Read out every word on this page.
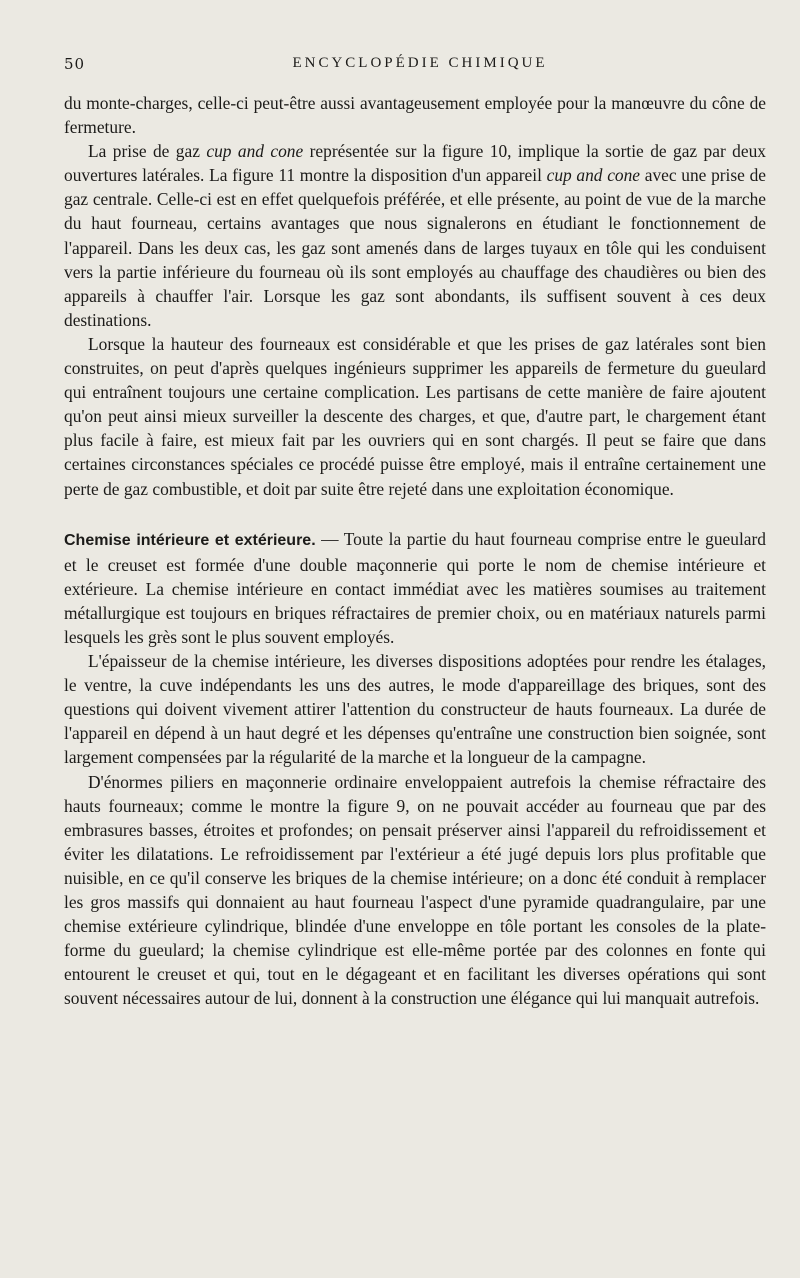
50	ENCYCLOPÉDIE CHIMIQUE

du monte-charges, celle-ci peut-être aussi avantageusement employée pour la manœuvre du cône de fermeture.

La prise de gaz cup and cone représentée sur la figure 10, implique la sortie de gaz par deux ouvertures latérales. La figure 11 montre la disposition d'un appareil cup and cone avec une prise de gaz centrale. Celle-ci est en effet quelquefois préférée, et elle présente, au point de vue de la marche du haut fourneau, certains avantages que nous signalerons en étudiant le fonctionnement de l'appareil. Dans les deux cas, les gaz sont amenés dans de larges tuyaux en tôle qui les conduisent vers la partie inférieure du fourneau où ils sont employés au chauffage des chaudières ou bien des appareils à chauffer l'air. Lorsque les gaz sont abondants, ils suffisent souvent à ces deux destinations.

Lorsque la hauteur des fourneaux est considérable et que les prises de gaz latérales sont bien construites, on peut d'après quelques ingénieurs supprimer les appareils de fermeture du gueulard qui entraînent toujours une certaine complication. Les partisans de cette manière de faire ajoutent qu'on peut ainsi mieux surveiller la descente des charges, et que, d'autre part, le chargement étant plus facile à faire, est mieux fait par les ouvriers qui en sont chargés. Il peut se faire que dans certaines circonstances spéciales ce procédé puisse être employé, mais il entraîne certainement une perte de gaz combustible, et doit par suite être rejeté dans une exploitation économique.

Chemise intérieure et extérieure. — Toute la partie du haut fourneau comprise entre le gueulard et le creuset est formée d'une double maçonnerie qui porte le nom de chemise intérieure et extérieure. La chemise intérieure en contact immédiat avec les matières soumises au traitement métallurgique est toujours en briques réfractaires de premier choix, ou en matériaux naturels parmi lesquels les grès sont le plus souvent employés.

L'épaisseur de la chemise intérieure, les diverses dispositions adoptées pour rendre les étalages, le ventre, la cuve indépendants les uns des autres, le mode d'appareillage des briques, sont des questions qui doivent vivement attirer l'attention du constructeur de hauts fourneaux. La durée de l'appareil en dépend à un haut degré et les dépenses qu'entraîne une construction bien soignée, sont largement compensées par la régularité de la marche et la longueur de la campagne.

D'énormes piliers en maçonnerie ordinaire enveloppaient autrefois la chemise réfractaire des hauts fourneaux; comme le montre la figure 9, on ne pouvait accéder au fourneau que par des embrasures basses, étroites et profondes; on pensait préserver ainsi l'appareil du refroidissement et éviter les dilatations. Le refroidissement par l'extérieur a été jugé depuis lors plus profitable que nuisible, en ce qu'il conserve les briques de la chemise intérieure; on a donc été conduit à remplacer les gros massifs qui donnaient au haut fourneau l'aspect d'une pyramide quadrangulaire, par une chemise extérieure cylindrique, blindée d'une enveloppe en tôle portant les consoles de la plate-forme du gueulard; la chemise cylindrique est elle-même portée par des colonnes en fonte qui entourent le creuset et qui, tout en le dégageant et en facilitant les diverses opérations qui sont souvent nécessaires autour de lui, donnent à la construction une élégance qui lui manquait autrefois.
